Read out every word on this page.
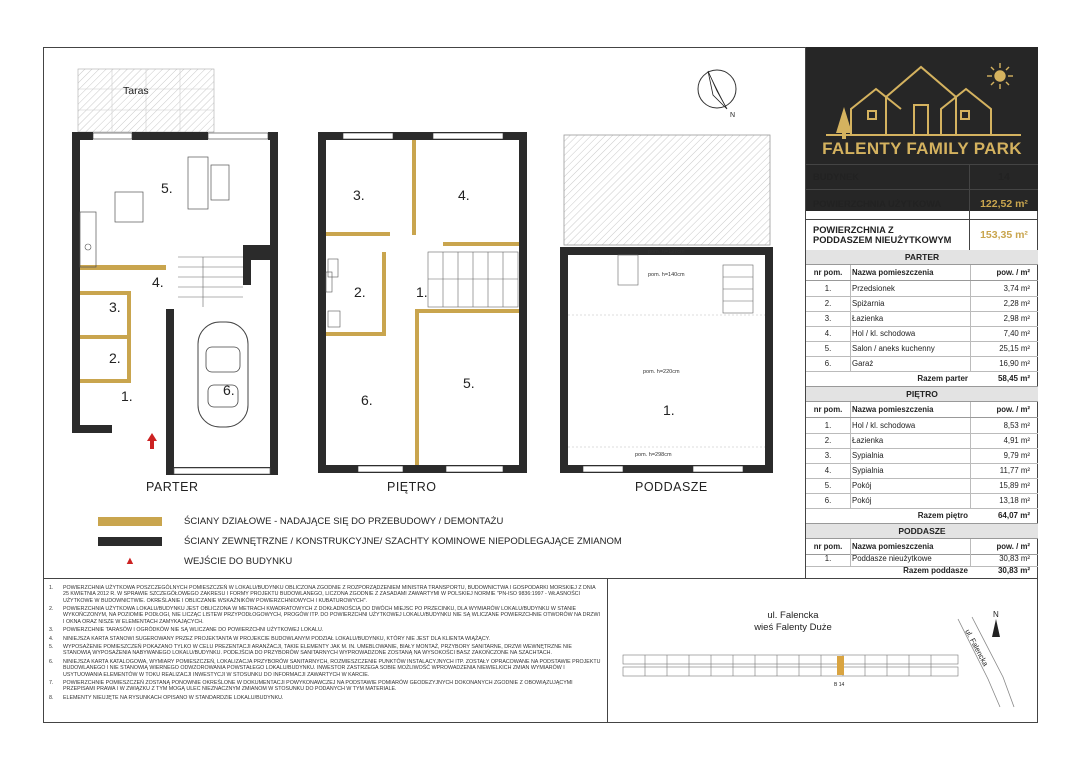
N
Taras
1.
2.
3.
4.
5.
6.
1.
2.
3.	4.
5.
6.
pom. h=127cm
pom. h=140cm
pom. h=220cm
pom. h=298cm
1.
PARTER	PIĘTRO	PODDASZE
ŚCIANY DZIAŁOWE - NADAJĄCE SIĘ DO PRZEBUDOWY / DEMONTAŻU
ŚCIANY ZEWNĘTRZNE / KONSTRUKCYJNE/ SZACHTY KOMINOWE NIEPODLEGAJĄCE ZMIANOM
▲	WEJŚCIE DO BUDYNKU
1.	POWIERZCHNIA UŻYTKOWA POSZCZEGÓLNYCH POMIESZCZEŃ W LOKALU/BUDYNKU OBLICZONA ZGODNIE Z ROZPORZĄDZENIEM MINISTRA TRANSPORTU, BUDOWNICTWA I GOSPODARKI MORSKIEJ Z DNIA 25 KWIETNIA 2012 R. W SPRAWIE SZCZEGÓŁOWEGO ZAKRESU I FORMY PROJEKTU BUDOWLANEGO, LICZONA ZGODNIE Z ZASADAMI ZAWARTYMI W POLSKIEJ NORMIE "PN-ISO 9836:1997 - WŁASNOŚCI UŻYTKOWE W BUDOWNICTWIE. OKREŚLANIE I OBLICZANIE WSKAŹNIKÓW POWIERZCHNIOWYCH I KUBATUROWYCH".
2.	POWIERZCHNIA UŻYTKOWA LOKALU/BUDYNKU JEST OBLICZONA W METRACH KWADRATOWYCH Z DOKŁADNOŚCIĄ DO DWÓCH MIEJSC PO PRZECINKU, DLA WYMIARÓW LOKALU/BUDYNKU W STANIE WYKOŃCZONYM, NA POZIOMIE PODŁOGI, NIE LICZĄC LISTEW PRZYPODŁOGOWYCH, PROGÓW ITP. DO POWIERZCHNI UŻYTKOWEJ LOKALU/BUDYNKU NIE SĄ WLICZANE POWIERZCHNIE OTWORÓW NA DRZWI I OKNA ORAZ NISZE W ELEMENTACH ZAMYKAJĄCYCH.
3.	POWIERZCHNIE TARASÓW I OGRÓDKÓW NIE SĄ WLICZANE DO POWIERZCHNI UŻYTKOWEJ LOKALU.
4.	NINIEJSZA KARTA STANOWI SUGEROWANY PRZEZ PROJEKTANTA W PROJEKCIE BUDOWLANYM PODZIAŁ LOKALU/BUDYNKU, KTÓRY NIE JEST DLA KLIENTA WIĄŻĄCY.
5.	WYPOSAŻENIE POMIESZCZEŃ POKAZANO TYLKO W CELU PREZENTACJI ARANŻACJI, TAKIE ELEMENTY JAK M. IN. UMEBLOWANIE, BIAŁY MONTAŻ, PRZYBORY SANITARNE, DRZWI WEWNĘTRZNE NIE STANOWIĄ WYPOSAŻENIA NABYWANEGO LOKALU/BUDYNKU. PODEJŚCIA DO PRZYBORÓW SANITARNYCH WYPROWADZONE ZOSTANĄ NA WYSOKOŚCI BASZ ZAKOŃCZONE NA SZACHTACH.
6.	NINIEJSZA KARTA KATALOGOWA, WYMIARY POMIESZCZEŃ, LOKALIZACJA PRZYBORÓW SANITARNYCH, ROZMIESZCZENIE PUNKTÓW INSTALACYJNYCH ITP. ZOSTAŁY OPRACOWANE NA PODSTAWIE PROJEKTU BUDOWLANEGO I NIE STANOWIĄ WIERNEGO ODWZOROWANIA POWSTAŁEGO LOKALU/BUDYNKU. INWESTOR ZASTRZEGA SOBIE MOŻLIWOŚĆ WPROWADZENIA NIEWIELKICH ZMIAN WYMIARÓW I USYTUOWANIA ELEMENTÓW W TOKU REALIZACJI INWESTYCJI W STOSUNKU DO INFORMACJI ZAWARTYCH W KARCIE.
7.	POWIERZCHNIE POMIESZCZEŃ ZOSTANĄ PONOWNIE OKREŚLONE W DOKUMENTACJI POWYKONAWCZEJ NA PODSTAWIE POMIARÓW GEODEZYJNYCH DOKONANYCH ZGODNIE Z OBOWIĄZUJĄCYMI PRZEPISAMI PRAWA I W ZWIĄZKU Z TYM MOGĄ ULEC NIEZNACZNYM ZMIANOM W STOSUNKU DO PODANYCH W TYM MATERIALE.
8.	ELEMENTY NIEUJĘTE NA RYSUNKACH OPISANO W STANDARDZIE LOKALU/BUDYNKU.
ul. Falencka
wieś Falenty Duże
N
ul. Falencka
B 14
FALENTY FAMILY PARK
BUDYNEK	14
POWIERZCHNIA UŻYTKOWA	122,52 m²
POWIERZCHNIA Z
PODDASZEM NIEUŻYTKOWYM	153,35 m²
PARTER
nr pom.	Nazwa pomieszczenia	pow. / m²
1.	Przedsionek	3,74 m²
2.	Spiżarnia	2,28 m²
3.	Łazienka	2,98 m²
4.	Hol / kl. schodowa	7,40 m²
5.	Salon / aneks kuchenny	25,15 m²
6.	Garaż	16,90 m²
Razem parter	58,45 m²
PIĘTRO
nr pom.	Nazwa pomieszczenia	pow. / m²
1.	Hol / kl. schodowa	8,53 m²
2.	Łazienka	4,91 m²
3.	Sypialnia	9,79 m²
4.	Sypialnia	11,77 m²
5.	Pokój	15,89 m²
6.	Pokój	13,18 m²
Razem piętro	64,07 m²
PODDASZE
nr pom.	Nazwa pomieszczenia	pow. / m²
1.	Poddasze nieużytkowe	30,83 m²
Razem poddasze	30,83 m²
